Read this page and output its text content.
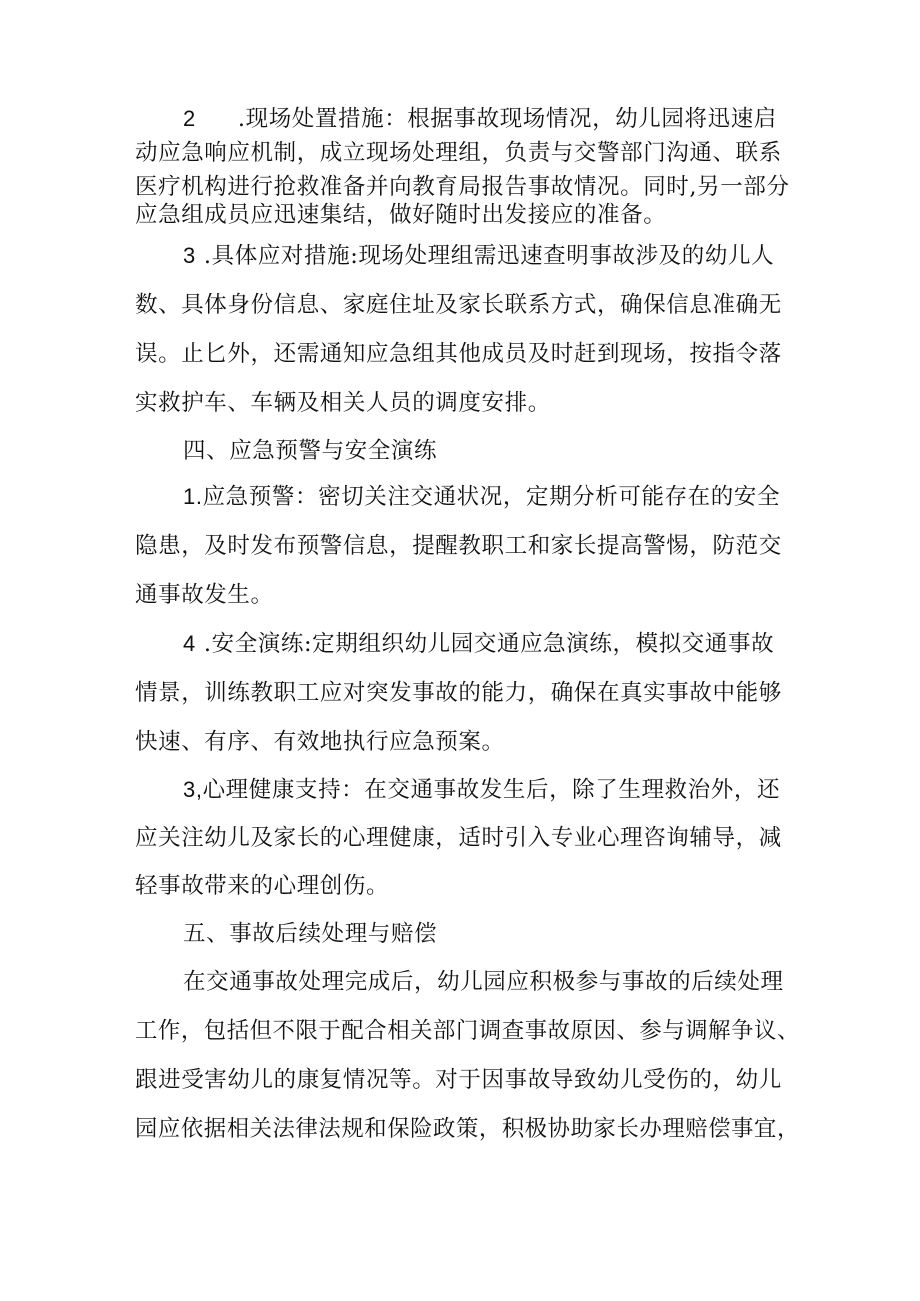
2 .现场处置措施：根据事故现场情况，幼儿园将迅速启
动应急响应机制，成立现场处理组，负责与交警部门沟通、联系
医疗机构进行抢救准备并向教育局报告事故情况。同时,另一部分
应急组成员应迅速集结，做好随时出发接应的准备。
3 .具体应对措施:现场处理组需迅速查明事故涉及的幼儿人
数、具体身份信息、家庭住址及家长联系方式，确保信息准确无
误。止匕外，还需通知应急组其他成员及时赶到现场，按指令落
实救护车、车辆及相关人员的调度安排。
四、应急预警与安全演练
1.应急预警：密切关注交通状况，定期分析可能存在的安全
隐患，及时发布预警信息，提醒教职工和家长提高警惕，防范交
通事故发生。
4 .安全演练:定期组织幼儿园交通应急演练，模拟交通事故
情景，训练教职工应对突发事故的能力，确保在真实事故中能够
快速、有序、有效地执行应急预案。
3,心理健康支持：在交通事故发生后，除了生理救治外，还
应关注幼儿及家长的心理健康，适时引入专业心理咨询辅导，减
轻事故带来的心理创伤。
五、事故后续处理与赔偿
在交通事故处理完成后，幼儿园应积极参与事故的后续处理
工作，包括但不限于配合相关部门调查事故原因、参与调解争议、
跟进受害幼儿的康复情况等。对于因事故导致幼儿受伤的，幼儿
园应依据相关法律法规和保险政策，积极协助家长办理赔偿事宜，
